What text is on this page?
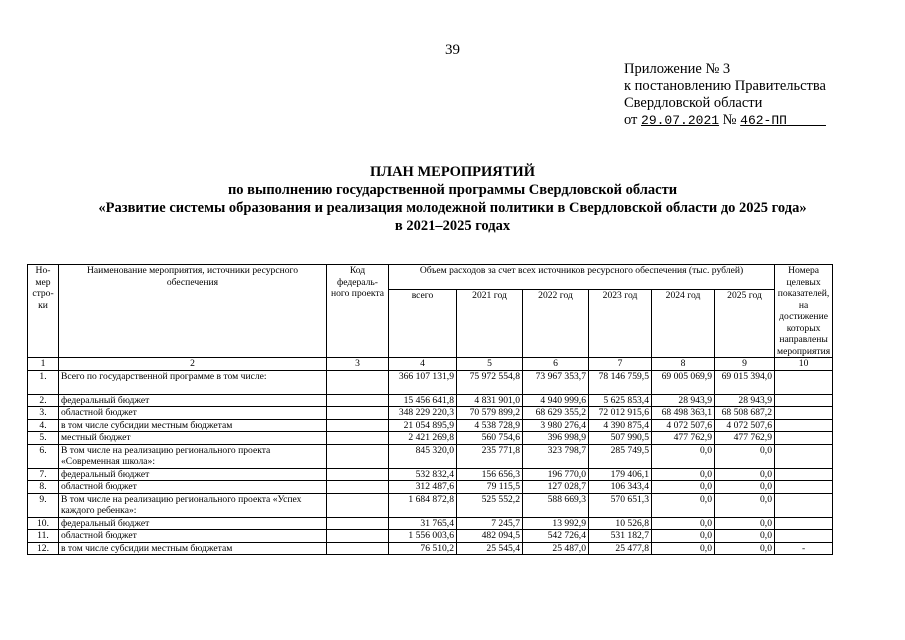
39
Приложение № 3
к постановлению Правительства
Свердловской области
от 29.07.2021 № 462-ПП
ПЛАН МЕРОПРИЯТИЙ
по выполнению государственной программы Свердловской области
«Развитие системы образования и реализация молодежной политики в Свердловской области до 2025 года»
в 2021–2025 годах
Но-мер стро-ки	Наименование мероприятия, источники ресурсного обеспечения	Код федераль-ного проекта	Объем расходов за счет всех источников ресурсного обеспечения (тыс. рублей)						Номера целевых показателей, на достижение которых направлены мероприятия
			всего	2021 год	2022 год	2023 год	2024 год	2025 год	
1	2	3	4	5	6	7	8	9	10
1.	Всего по государственной программе в том числе:		366 107 131,9	75 972 554,8	73 967 353,7	78 146 759,5	69 005 069,9	69 015 394,0	
2.	федеральный бюджет		15 456 641,8	4 831 901,0	4 940 999,6	5 625 853,4	28 943,9	28 943,9	
3.	областной бюджет		348 229 220,3	70 579 899,2	68 629 355,2	72 012 915,6	68 498 363,1	68 508 687,2	
4.	в том числе субсидии местным бюджетам		21 054 895,9	4 538 728,9	3 980 276,4	4 390 875,4	4 072 507,6	4 072 507,6	
5.	местный бюджет		2 421 269,8	560 754,6	396 998,9	507 990,5	477 762,9	477 762,9	
6.	В том числе на реализацию регионального проекта «Современная школа»:		845 320,0	235 771,8	323 798,7	285 749,5	0,0	0,0	
7.	федеральный бюджет		532 832,4	156 656,3	196 770,0	179 406,1	0,0	0,0	
8.	областной бюджет		312 487,6	79 115,5	127 028,7	106 343,4	0,0	0,0	
9.	В том числе на реализацию регионального проекта «Успех каждого ребенка»:		1 684 872,8	525 552,2	588 669,3	570 651,3	0,0	0,0	
10.	федеральный бюджет		31 765,4	7 245,7	13 992,9	10 526,8	0,0	0,0	
11.	областной бюджет		1 556 003,6	482 094,5	542 726,4	531 182,7	0,0	0,0	
12.	в том числе субсидии местным бюджетам		76 510,2	25 545,4	25 487,0	25 477,8	0,0	0,0	-
